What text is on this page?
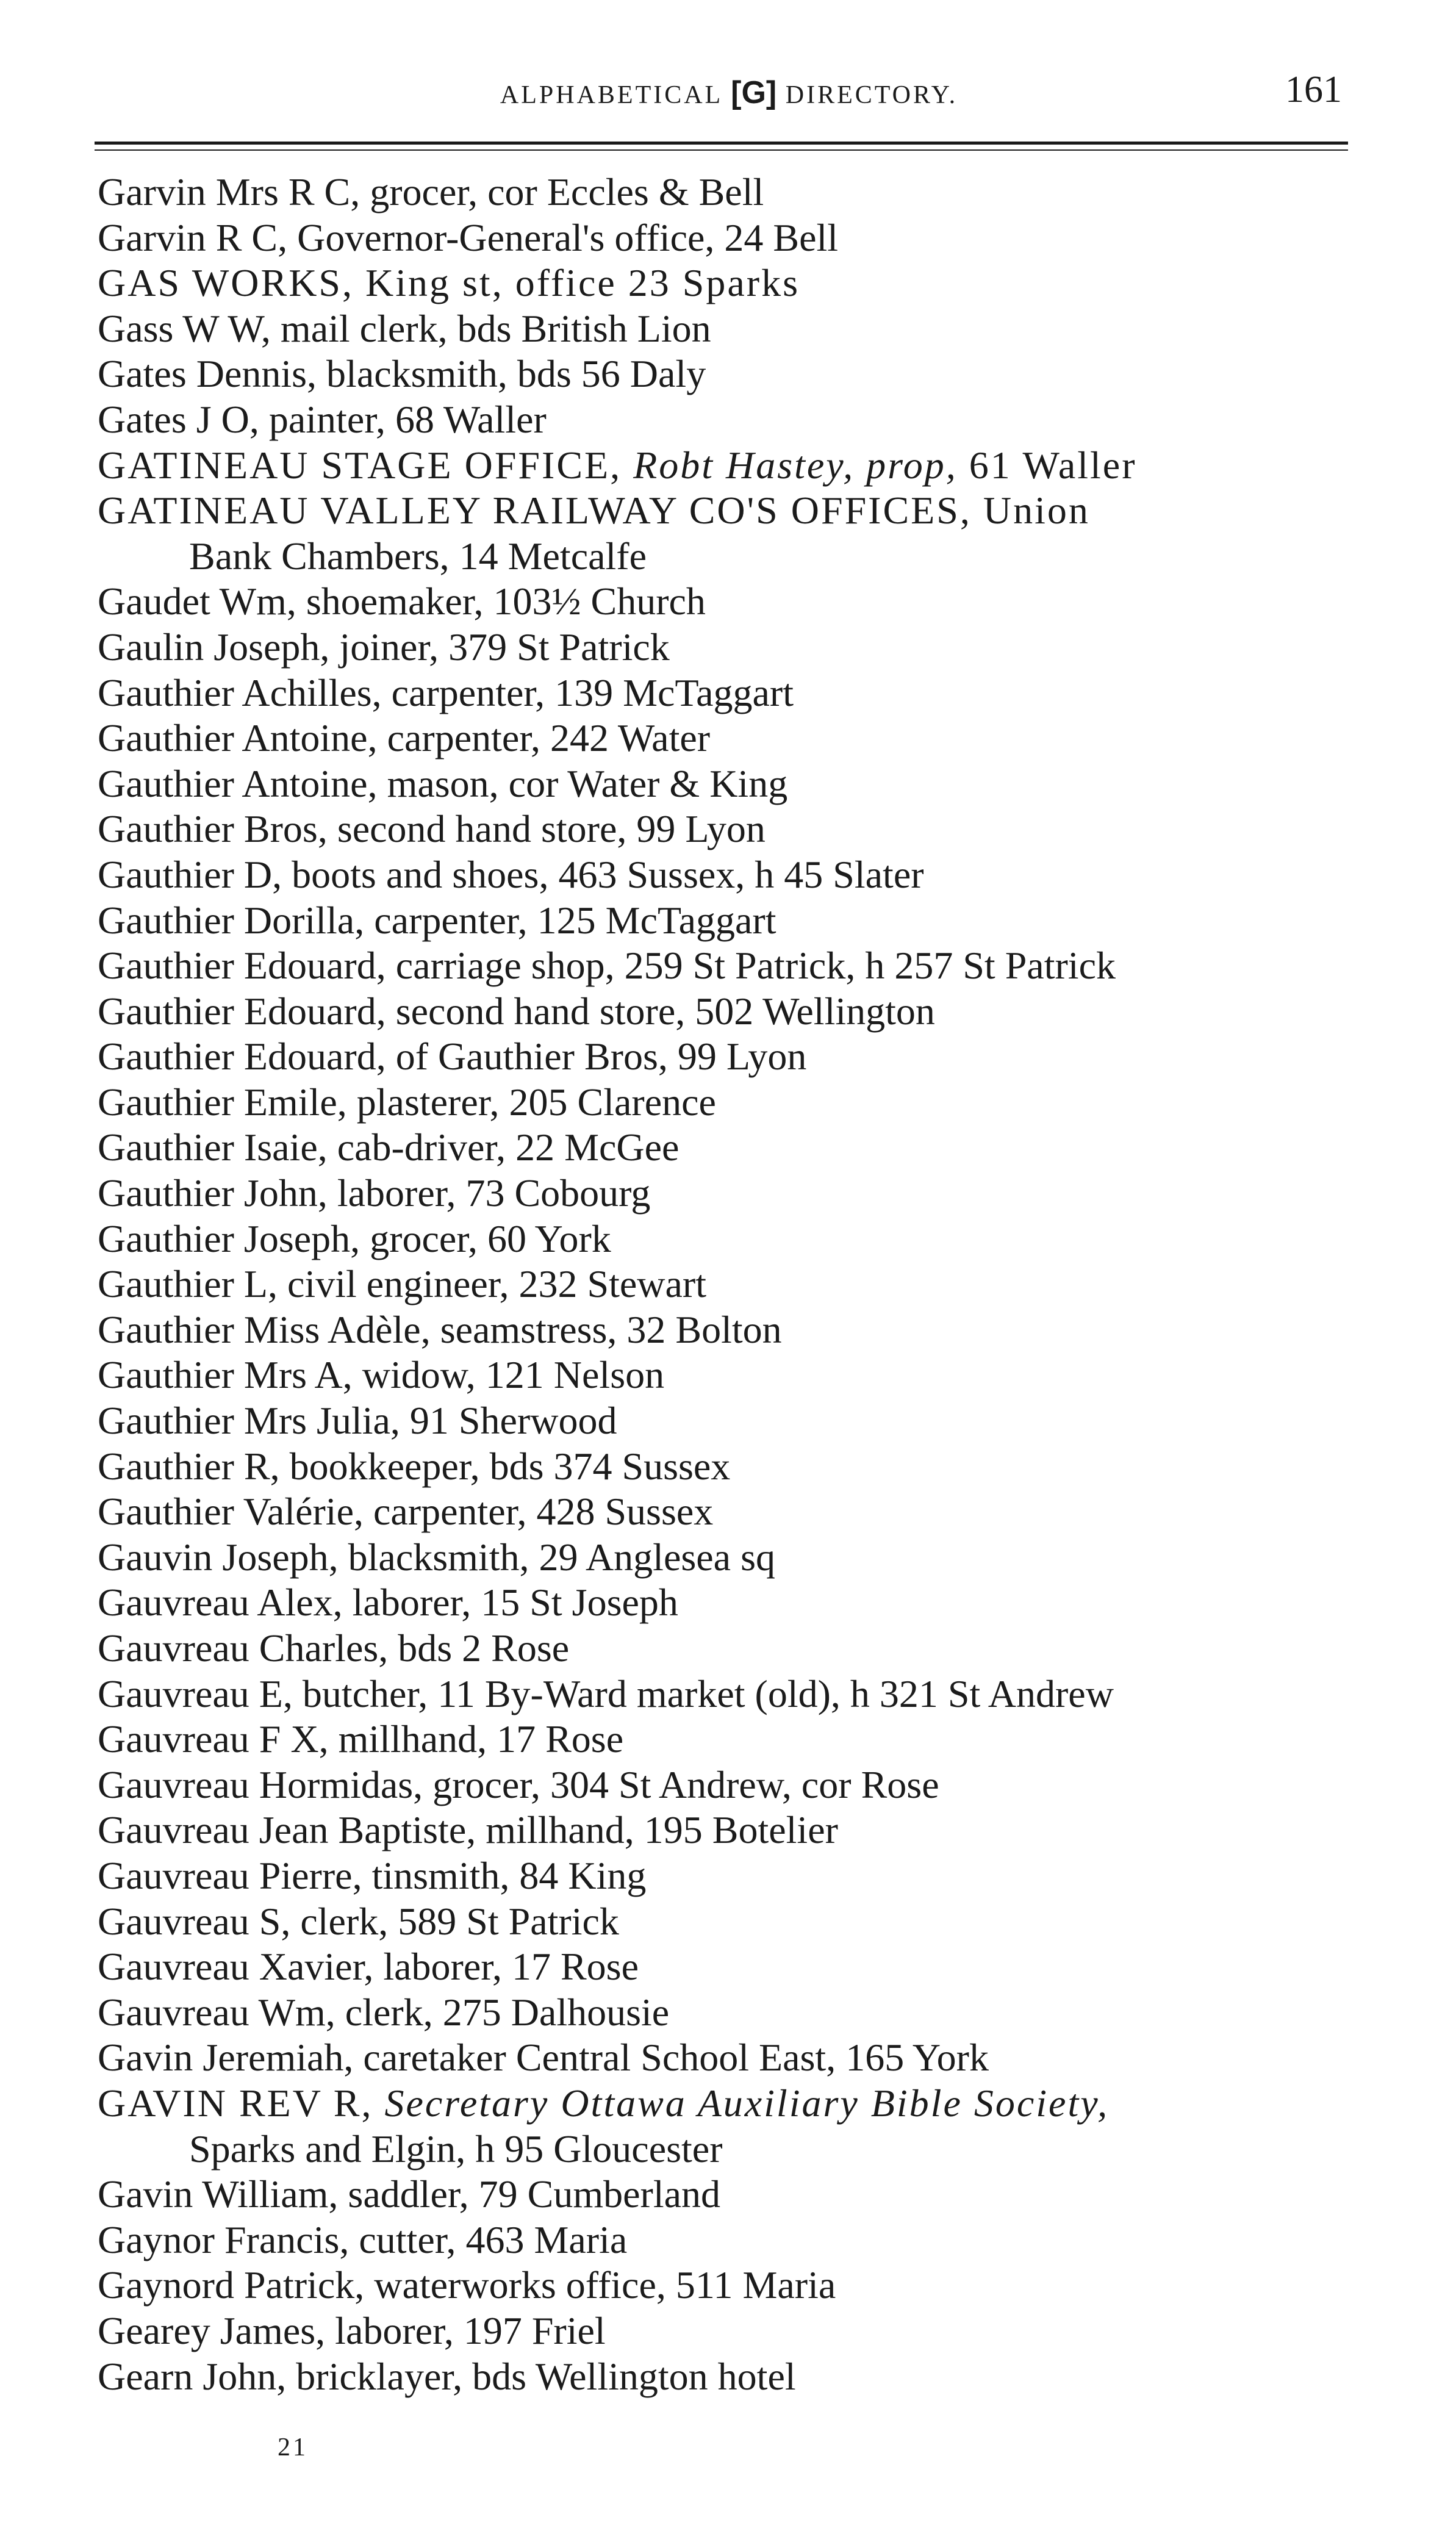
ALPHABETICAL [G] DIRECTORY.	161
Garvin Mrs R C, grocer, cor Eccles & Bell
Garvin R C, Governor-General's office, 24 Bell
GAS WORKS, King st, office 23 Sparks
Gass W W, mail clerk, bds British Lion
Gates Dennis, blacksmith, bds 56 Daly
Gates J O, painter, 68 Waller
GATINEAU STAGE OFFICE, Robt Hastey, prop, 61 Waller
GATINEAU VALLEY RAILWAY CO'S OFFICES, Union
Bank Chambers, 14 Metcalfe
Gaudet Wm, shoemaker, 103½ Church
Gaulin Joseph, joiner, 379 St Patrick
Gauthier Achilles, carpenter, 139 McTaggart
Gauthier Antoine, carpenter, 242 Water
Gauthier Antoine, mason, cor Water & King
Gauthier Bros, second hand store, 99 Lyon
Gauthier D, boots and shoes, 463 Sussex, h 45 Slater
Gauthier Dorilla, carpenter, 125 McTaggart
Gauthier Edouard, carriage shop, 259 St Patrick, h 257 St Patrick
Gauthier Edouard, second hand store, 502 Wellington
Gauthier Edouard, of Gauthier Bros, 99 Lyon
Gauthier Emile, plasterer, 205 Clarence
Gauthier Isaie, cab-driver, 22 McGee
Gauthier John, laborer, 73 Cobourg
Gauthier Joseph, grocer, 60 York
Gauthier L, civil engineer, 232 Stewart
Gauthier Miss Adèle, seamstress, 32 Bolton
Gauthier Mrs A, widow, 121 Nelson
Gauthier Mrs Julia, 91 Sherwood
Gauthier R, bookkeeper, bds 374 Sussex
Gauthier Valérie, carpenter, 428 Sussex
Gauvin Joseph, blacksmith, 29 Anglesea sq
Gauvreau Alex, laborer, 15 St Joseph
Gauvreau Charles, bds 2 Rose
Gauvreau E, butcher, 11 By-Ward market (old), h 321 St Andrew
Gauvreau F X, millhand, 17 Rose
Gauvreau Hormidas, grocer, 304 St Andrew, cor Rose
Gauvreau Jean Baptiste, millhand, 195 Botelier
Gauvreau Pierre, tinsmith, 84 King
Gauvreau S, clerk, 589 St Patrick
Gauvreau Xavier, laborer, 17 Rose
Gauvreau Wm, clerk, 275 Dalhousie
Gavin Jeremiah, caretaker Central School East, 165 York
GAVIN REV R, Secretary Ottawa Auxiliary Bible Society,
Sparks and Elgin, h 95 Gloucester
Gavin William, saddler, 79 Cumberland
Gaynor Francis, cutter, 463 Maria
Gaynord Patrick, waterworks office, 511 Maria
Gearey James, laborer, 197 Friel
Gearn John, bricklayer, bds Wellington hotel
21
